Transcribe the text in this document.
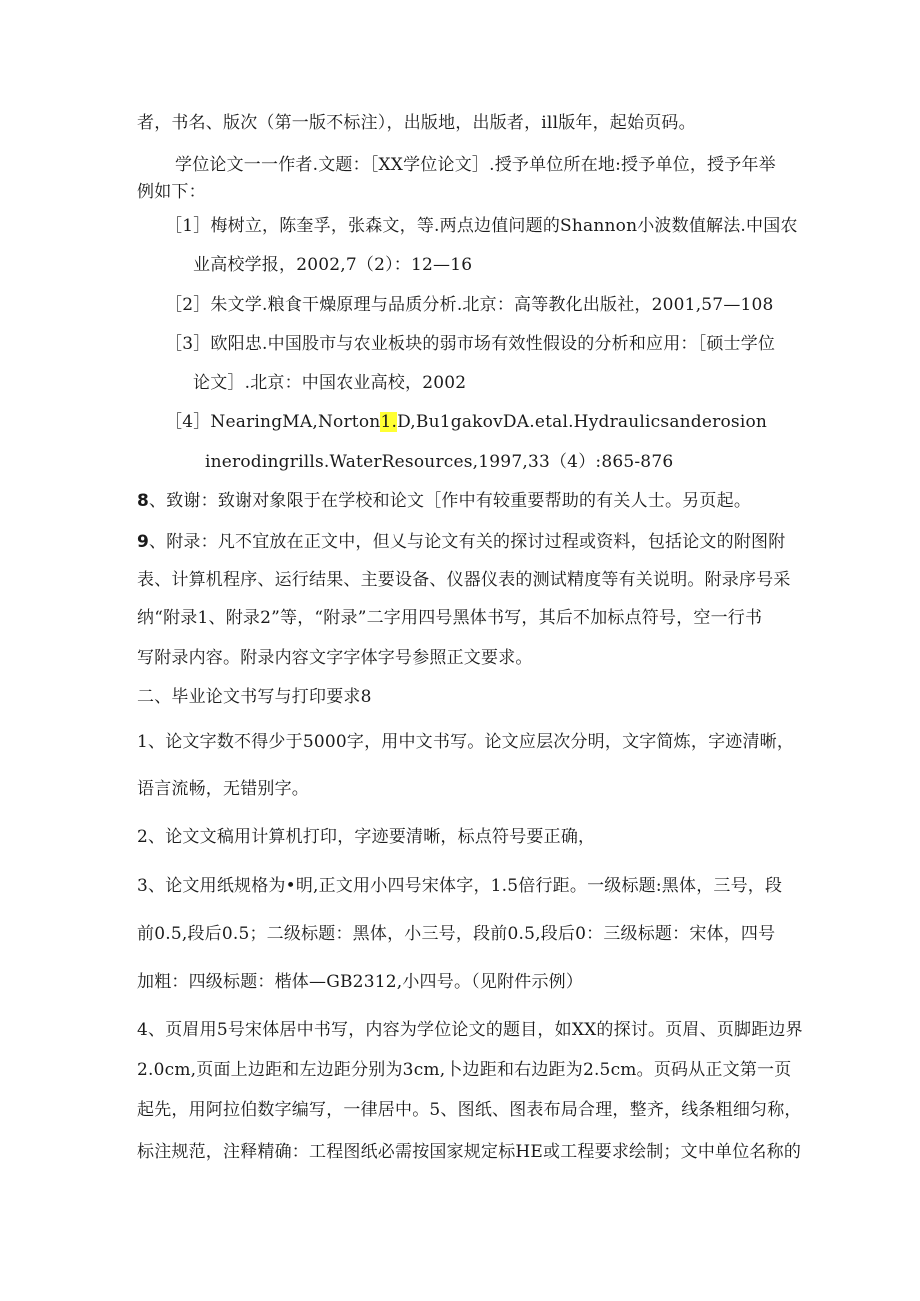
者，书名、版次（第一版不标注），出版地，出版者，ill版年，起始页码。
学位论文一一作者.文题：［XX学位论文］.授予单位所在地:授予单位，授予年举
例如下：
［1］梅树立，陈奎孚，张森文，等.两点边值问题的Shannon小波数值解法.中国农
业高校学报，2002,7（2）：12—16
［2］朱文学.粮食干燥原理与品质分析.北京：高等教化出版社，2001,57—108
［3］欧阳忠.中国股市与农业板块的弱市场有效性假设的分析和应用：［硕士学位
论文］.北京：中国农业高校，2002
［4］NearingMA,Norton1.D,Bu1gakovDA.etal.Hydraulicsanderosion
inerodingrills.WaterResources,1997,33（4）:865-876
8、致谢：致谢对象限于在学校和论文［作中有较重要帮助的有关人士。另页起。
9、附录：凡不宜放在正文中，但乂与论文有关的探讨过程或资料，包括论文的附图附
表、计算机程序、运行结果、主要设备、仪器仪表的测试精度等有关说明。附录序号采
纳“附录1、附录2”等，“附录”二字用四号黑体书写，其后不加标点符号，空一行书
写附录内容。附录内容文字字体字号参照正文要求。
二、毕业论文书写与打印要求8
1、论文字数不得少于5000字，用中文书写。论文应层次分明，文字简炼，字迹清晰，
语言流畅，无错别字。
2、论文文稿用计算机打印，字迹要清晰，标点符号要正确，
3、论文用纸规格为•明,正文用小四号宋体字，1.5倍行距。一级标题:黑体，三号，段
前0.5,段后0.5；二级标题：黑体，小三号，段前0.5,段后0：三级标题：宋体，四号
加粗：四级标题：楷体—GB2312,小四号。（见附件示例）
4、页眉用5号宋体居中书写，内容为学位论文的题目，如XX的探讨。页眉、页脚距边界
2.0cm,页面上边距和左边距分别为3cm,卜边距和右边距为2.5cm。页码从正文第一页
起先，用阿拉伯数字编写，一律居中。5、图纸、图表布局合理，整齐，线条粗细匀称，
标注规范，注释精确：工程图纸必需按国家规定标HE或工程要求绘制；文中单位名称的
